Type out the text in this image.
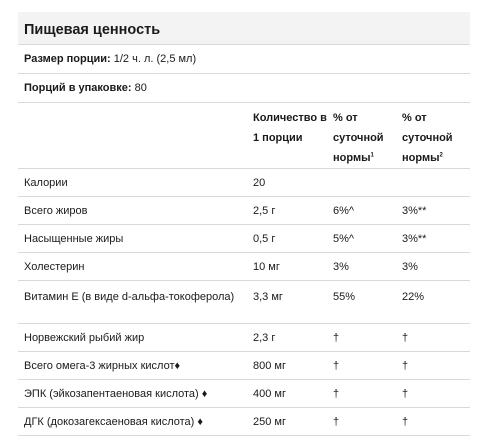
Пищевая ценность
Размер порции: 1/2 ч. л. (2,5 мл)
Порций в упаковке: 80
	Количество в 1 порции	% от суточной нормы$^1$	% от суточной нормы$^2$
Калории	20		
Всего жиров	2,5 г	6%^	3%**
Насыщенные жиры	0,5 г	5%^	3%**
Холестерин	10 мг	3%	3%
Витамин Е (в виде d-альфа-токоферола)	3,3 мг	55%	22%
Норвежский рыбий жир	2,3 г	†	†
Всего омега-3 жирных кислот♦	800 мг	†	†
ЭПК (эйкозапентаеновая кислота) ♦	400 мг	†	†
ДГК (докозагексаеновая кислота) ♦	250 мг	†	†
